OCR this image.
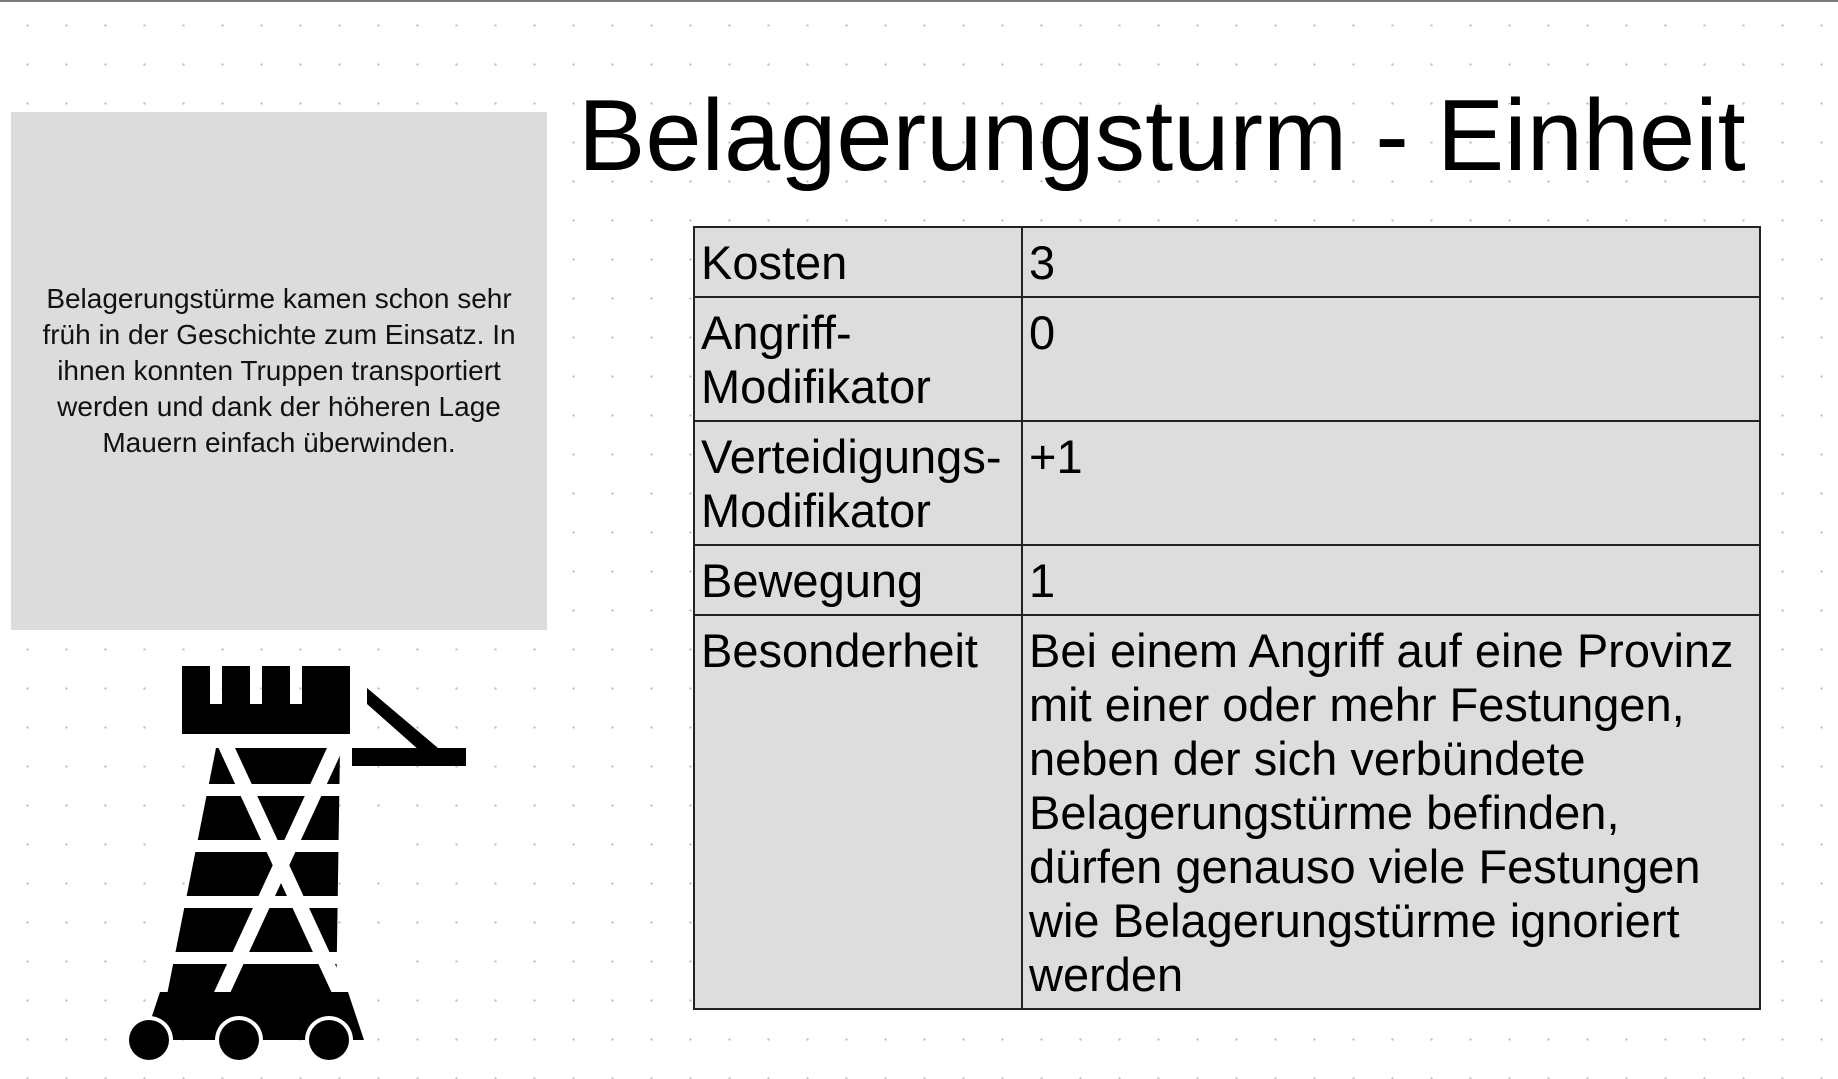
Belagerungstürme kamen schon sehr früh in der Geschichte zum Einsatz. In ihnen konnten Truppen transportiert werden und dank der höheren Lage Mauern einfach überwinden.

Belagerungsturm - Einheit
Kosten	3
Angriff-Modifikator	0
Verteidigungs-Modifikator	+1
Bewegung	1
Besonderheit	Bei einem Angriff auf eine Provinz mit einer oder mehr Festungen, neben der sich verbündete Belagerungstürme befinden, dürfen genauso viele Festungen wie Belagerungstürme ignoriert werden
